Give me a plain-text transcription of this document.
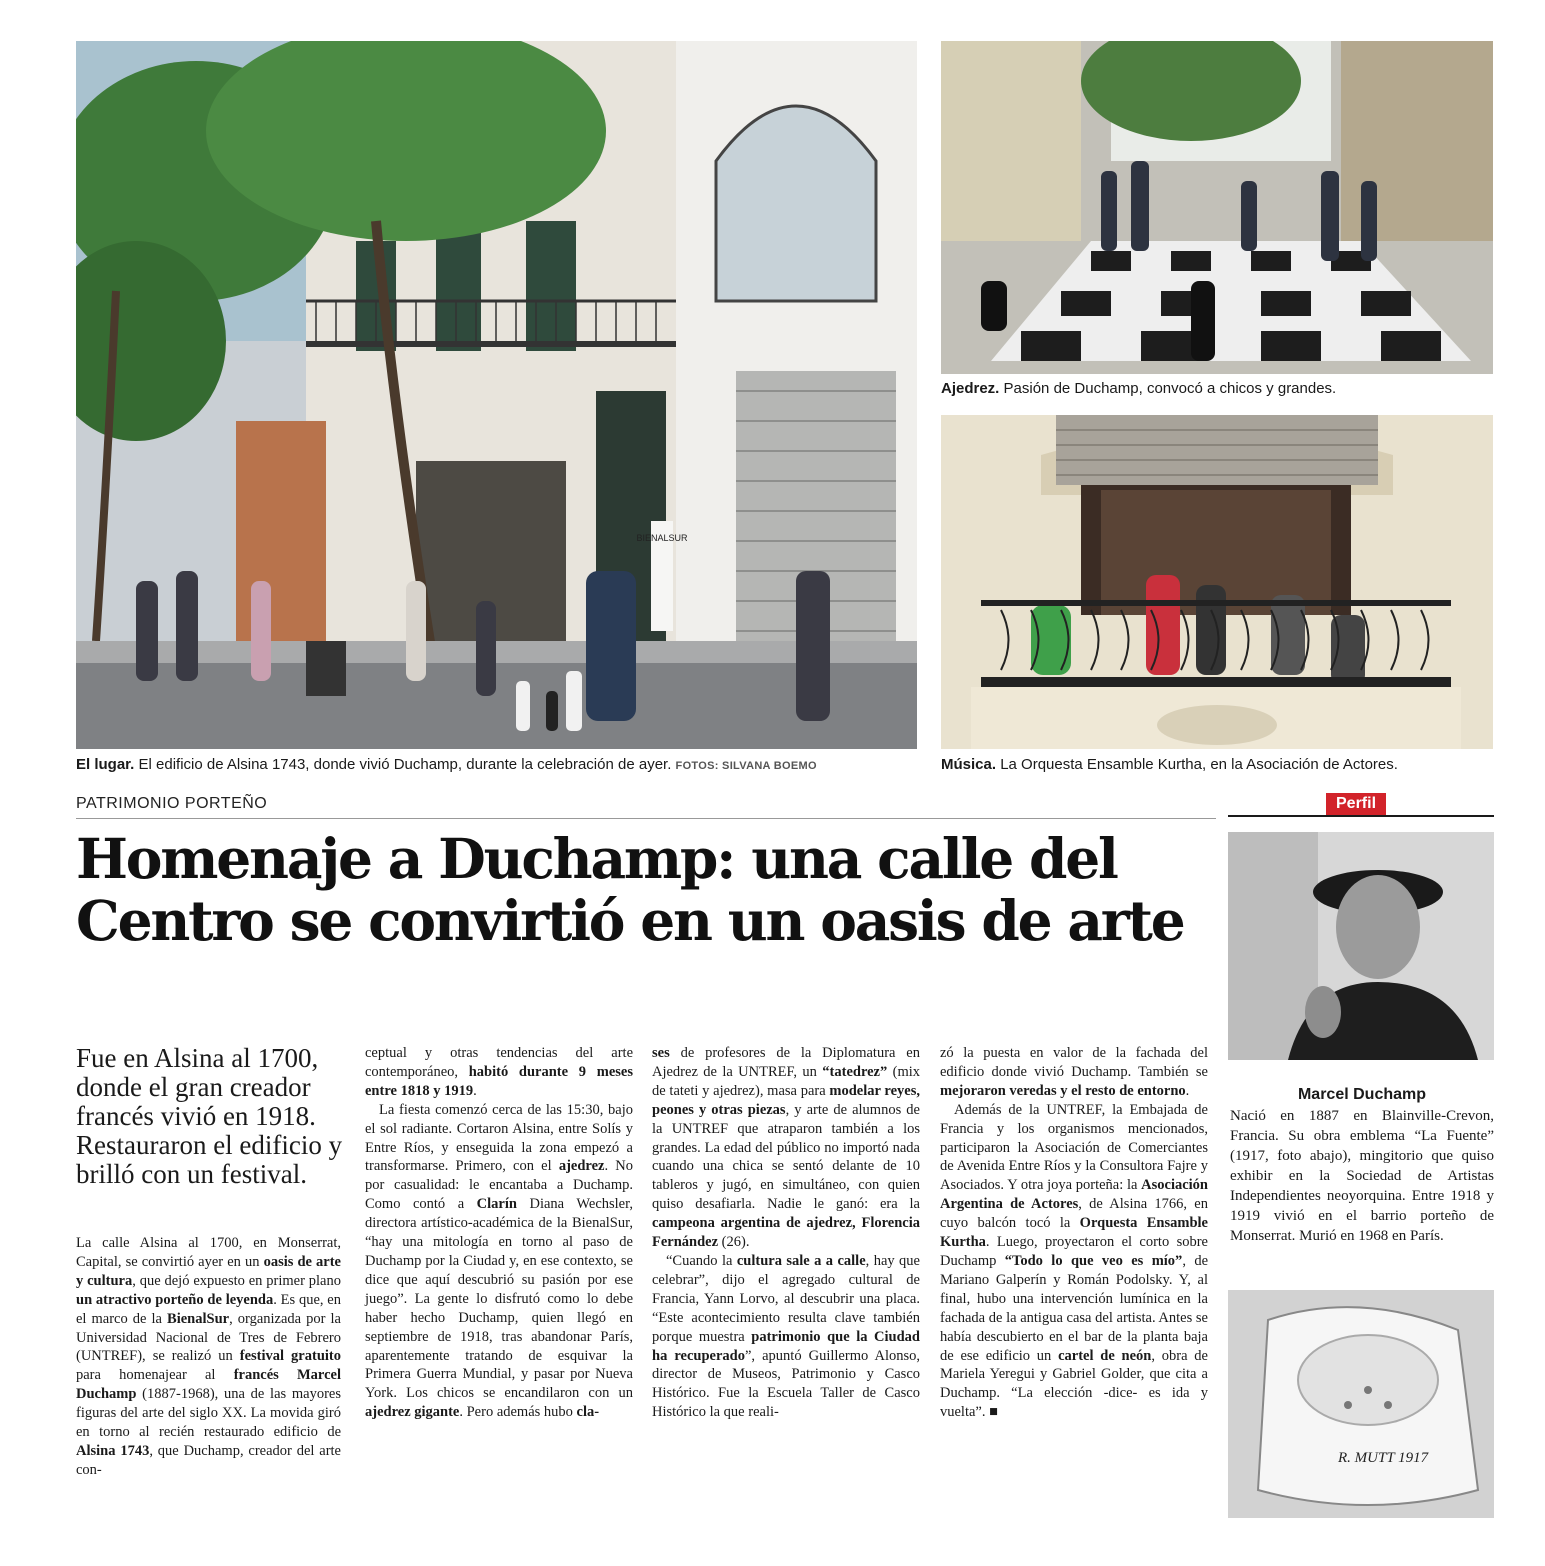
BIENALSUR
El lugar. El edificio de Alsina 1743, donde vivió Duchamp, durante la celebración de ayer. FOTOS: SILVANA BOEMO
Ajedrez. Pasión de Duchamp, convocó a chicos y grandes.
Música. La Orquesta Ensamble Kurtha, en la Asociación de Actores.
PATRIMONIO PORTEÑO
Homenaje a Duchamp: una calle del Centro se convirtió en un oasis de arte

Fue en Alsina al 1700, donde el gran creador francés vivió en 1918. Restauraron el edificio y brilló con un festival.

La calle Alsina al 1700, en Monserrat, Capital, se convirtió ayer en un oasis de arte y cultura, que dejó expuesto en primer plano un atractivo porteño de leyenda. Es que, en el marco de la BienalSur, organizada por la Universidad Nacional de Tres de Febrero (UNTREF), se realizó un festival gratuito para homenajear al francés Marcel Duchamp (1887-1968), una de las mayores figuras del arte del siglo XX. La movida giró en torno al recién restaurado edificio de Alsina 1743, que Duchamp, creador del arte con-

ceptual y otras tendencias del arte contemporáneo, habitó durante 9 meses entre 1818 y 1919.

La fiesta comenzó cerca de las 15:30, bajo el sol radiante. Cortaron Alsina, entre Solís y Entre Ríos, y enseguida la zona empezó a transformarse. Primero, con el ajedrez. No por casualidad: le encantaba a Duchamp. Como contó a Clarín Diana Wechsler, directora artístico-académica de la BienalSur, “hay una mitología en torno al paso de Duchamp por la Ciudad y, en ese contexto, se dice que aquí descubrió su pasión por ese juego”. La gente lo disfrutó como lo debe haber hecho Duchamp, quien llegó en septiembre de 1918, tras abandonar París, aparentemente tratando de esquivar la Primera Guerra Mundial, y pasar por Nueva York. Los chicos se encandilaron con un ajedrez gigante. Pero además hubo cla-

ses de profesores de la Diplomatura en Ajedrez de la UNTREF, un “tatedrez” (mix de tateti y ajedrez), masa para modelar reyes, peones y otras piezas, y arte de alumnos de la UNTREF que atraparon también a los grandes. La edad del público no importó nada cuando una chica se sentó delante de 10 tableros y jugó, en simultáneo, con quien quiso desafiarla. Nadie le ganó: era la campeona argentina de ajedrez, Florencia Fernández (26).

“Cuando la cultura sale a a calle, hay que celebrar”, dijo el agregado cultural de Francia, Yann Lorvo, al descubrir una placa. “Este acontecimiento resulta clave también porque muestra patrimonio que la Ciudad ha recuperado”, apuntó Guillermo Alonso, director de Museos, Patrimonio y Casco Histórico. Fue la Escuela Taller de Casco Histórico la que reali-

zó la puesta en valor de la fachada del edificio donde vivió Duchamp. También se mejoraron veredas y el resto de entorno.

Además de la UNTREF, la Embajada de Francia y los organismos mencionados, participaron la Asociación de Comerciantes de Avenida Entre Ríos y la Consultora Fajre y Asociados. Y otra joya porteña: la Asociación Argentina de Actores, de Alsina 1766, en cuyo balcón tocó la Orquesta Ensamble Kurtha. Luego, proyectaron el corto sobre Duchamp “Todo lo que veo es mío”, de Mariano Galperín y Román Podolsky. Y, al final, hubo una intervención lumínica en la fachada de la antigua casa del artista. Antes se había descubierto en el bar de la planta baja de ese edificio un cartel de neón, obra de Mariela Yeregui y Gabriel Golder, que cita a Duchamp. “La elección -dice- es ida y vuelta”. ■

Perfil
Marcel Duchamp

Nació en 1887 en Blainville-Crevon, Francia. Su obra emblema “La Fuente” (1917, foto abajo), mingitorio que quiso exhibir en la Sociedad de Artistas Independientes neoyorquina. Entre 1918 y 1919 vivió en el barrio porteño de Monserrat. Murió en 1968 en París.

R. MUTT 1917
